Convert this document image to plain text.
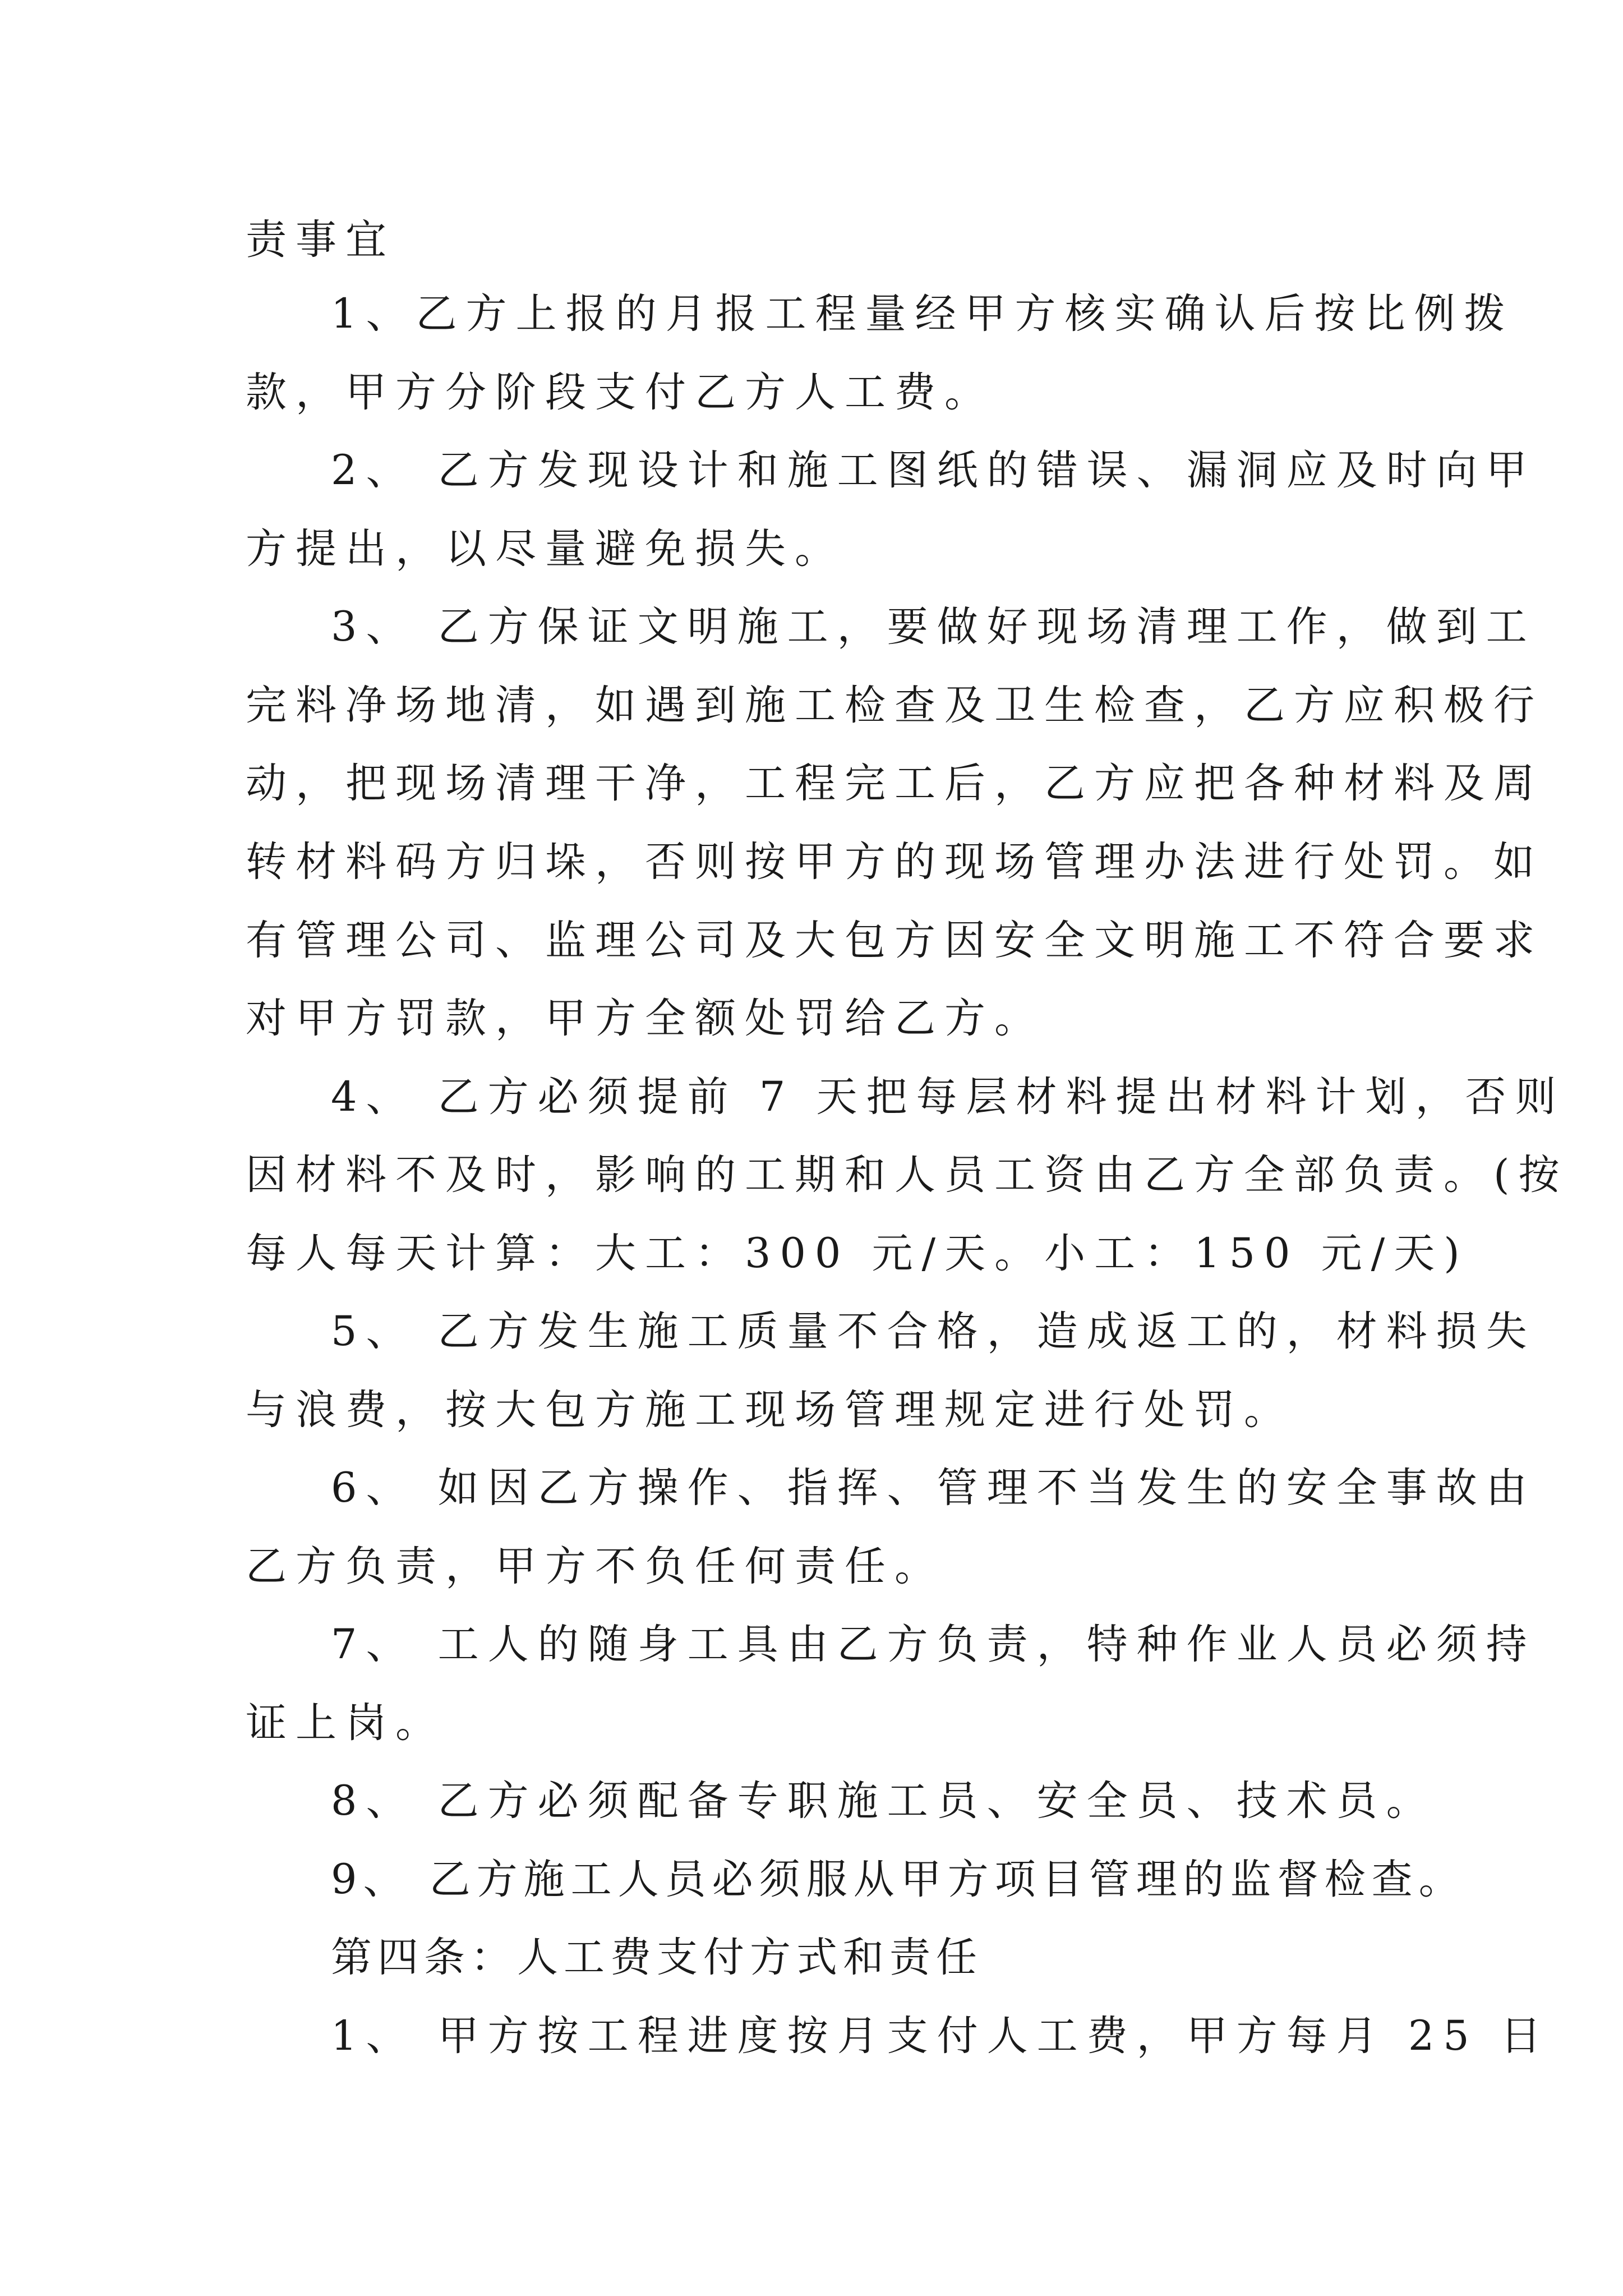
责事宜

1、乙方上报的月报工程量经甲方核实确认后按比例拨

款，甲方分阶段支付乙方人工费。

2、 乙方发现设计和施工图纸的错误、漏洞应及时向甲

方提出，以尽量避免损失。

3、 乙方保证文明施工，要做好现场清理工作，做到工

完料净场地清，如遇到施工检查及卫生检查，乙方应积极行

动，把现场清理干净，工程完工后，乙方应把各种材料及周

转材料码方归垛，否则按甲方的现场管理办法进行处罚。如

有管理公司、监理公司及大包方因安全文明施工不符合要求

对甲方罚款，甲方全额处罚给乙方。

4、 乙方必须提前 7 天把每层材料提出材料计划，否则

因材料不及时，影响的工期和人员工资由乙方全部负责。(按

每人每天计算：大工：300 元/天。小工：150 元/天)

5、 乙方发生施工质量不合格，造成返工的，材料损失

与浪费，按大包方施工现场管理规定进行处罚。

6、 如因乙方操作、指挥、管理不当发生的安全事故由

乙方负责，甲方不负任何责任。

7、 工人的随身工具由乙方负责，特种作业人员必须持

证上岗。

8、 乙方必须配备专职施工员、安全员、技术员。

9、 乙方施工人员必须服从甲方项目管理的监督检查。

第四条：人工费支付方式和责任

1、 甲方按工程进度按月支付人工费，甲方每月 25 日
